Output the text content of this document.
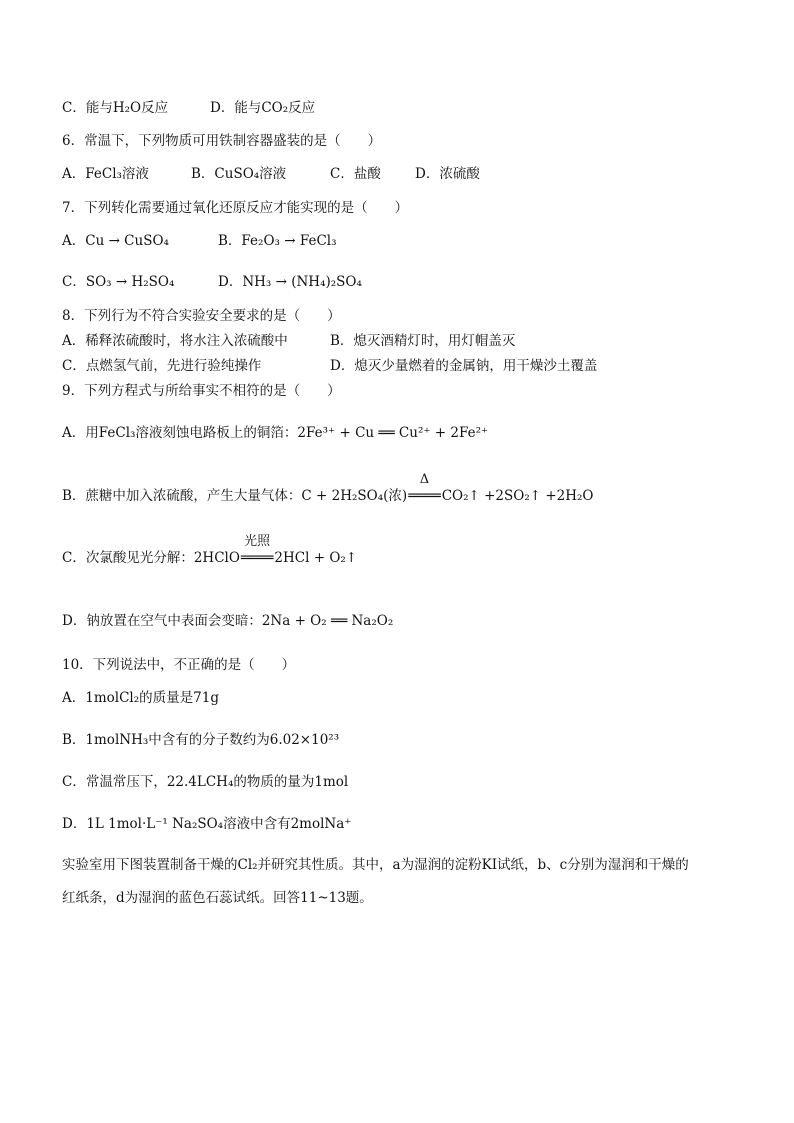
C．能与H₂O反应	D．能与CO₂反应
6．常温下，下列物质可用铁制容器盛装的是（　　）
A．FeCl₃溶液	B．CuSO₄溶液	C．盐酸	D．浓硫酸
7．下列转化需要通过氧化还原反应才能实现的是（　　）
A．Cu → CuSO₄	B．Fe₂O₃ → FeCl₃
C．SO₃ → H₂SO₄	D．NH₃ → (NH₄)₂SO₄
8．下列行为不符合实验安全要求的是（　　）
A．稀释浓硫酸时，将水注入浓硫酸中	B．熄灭酒精灯时，用灯帽盖灭
C．点燃氢气前，先进行验纯操作	D．熄灭少量燃着的金属钠，用干燥沙土覆盖
9．下列方程式与所给事实不相符的是（　　）
A．用FeCl₃溶液刻蚀电路板上的铜箔：2Fe³⁺ + Cu ══ Cu²⁺ + 2Fe²⁺
B．蔗糖中加入浓硫酸，产生大量气体：C + 2H₂SO₄(浓)
Δ
════CO₂↑ +2SO₂↑ +2H₂O
C．次氯酸见光分解：2HClO
光照
════2HCl + O₂↑
D．钠放置在空气中表面会变暗：2Na + O₂ ══ Na₂O₂
10．下列说法中，不正确的是（　　）
A．1molCl₂的质量是71g
B．1molNH₃中含有的分子数约为6.02×10²³
C．常温常压下，22.4LCH₄的物质的量为1mol
D．1L 1mol·L⁻¹ Na₂SO₄溶液中含有2molNa⁺
实验室用下图装置制备干燥的Cl₂并研究其性质。其中，a为湿润的淀粉KI试纸，b、c分别为湿润和干燥的
红纸条，d为湿润的蓝色石蕊试纸。回答11~13题。
